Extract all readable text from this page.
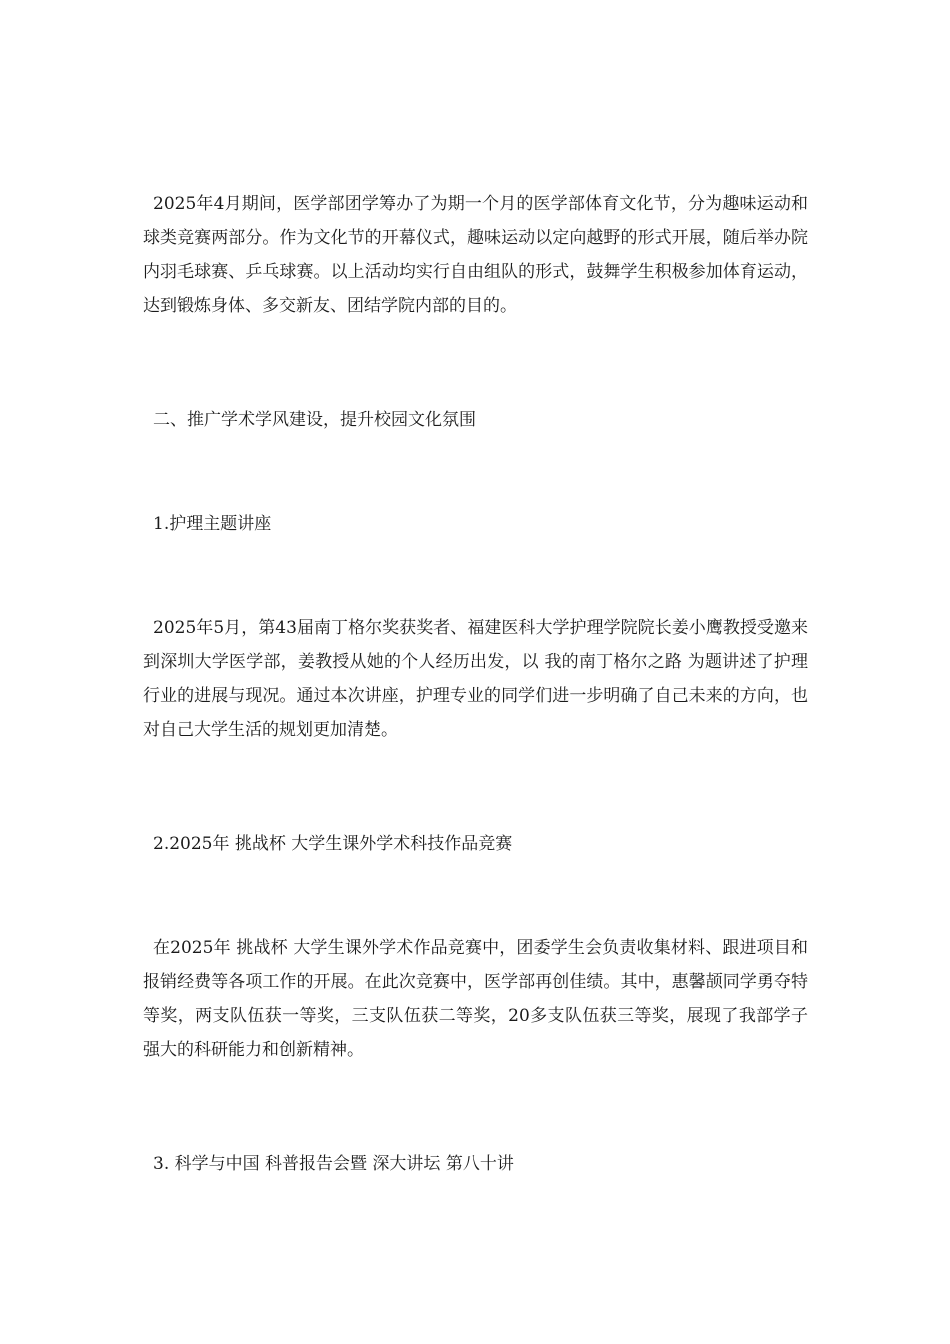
2025年4月期间，医学部团学筹办了为期一个月的医学部体育文化节，分为趣味运动和球类竞赛两部分。作为文化节的开幕仪式，趣味运动以定向越野的形式开展，随后举办院内羽毛球赛、乒乓球赛。以上活动均实行自由组队的形式，鼓舞学生积极参加体育运动，达到锻炼身体、多交新友、团结学院内部的目的。

二、推广学术学风建设，提升校园文化氛围

1.护理主题讲座

2025年5月，第43届南丁格尔奖获奖者、福建医科大学护理学院院长姜小鹰教授受邀来到深圳大学医学部，姜教授从她的个人经历出发，以 我的南丁格尔之路 为题讲述了护理行业的进展与现况。通过本次讲座，护理专业的同学们进一步明确了自己未来的方向，也对自己大学生活的规划更加清楚。

2.2025年 挑战杯 大学生课外学术科技作品竞赛

在2025年 挑战杯 大学生课外学术作品竞赛中，团委学生会负责收集材料、跟进项目和报销经费等各项工作的开展。在此次竞赛中，医学部再创佳绩。其中，惠馨颉同学勇夺特等奖，两支队伍获一等奖，三支队伍获二等奖，20多支队伍获三等奖，展现了我部学子强大的科研能力和创新精神。

3. 科学与中国 科普报告会暨 深大讲坛 第八十讲
